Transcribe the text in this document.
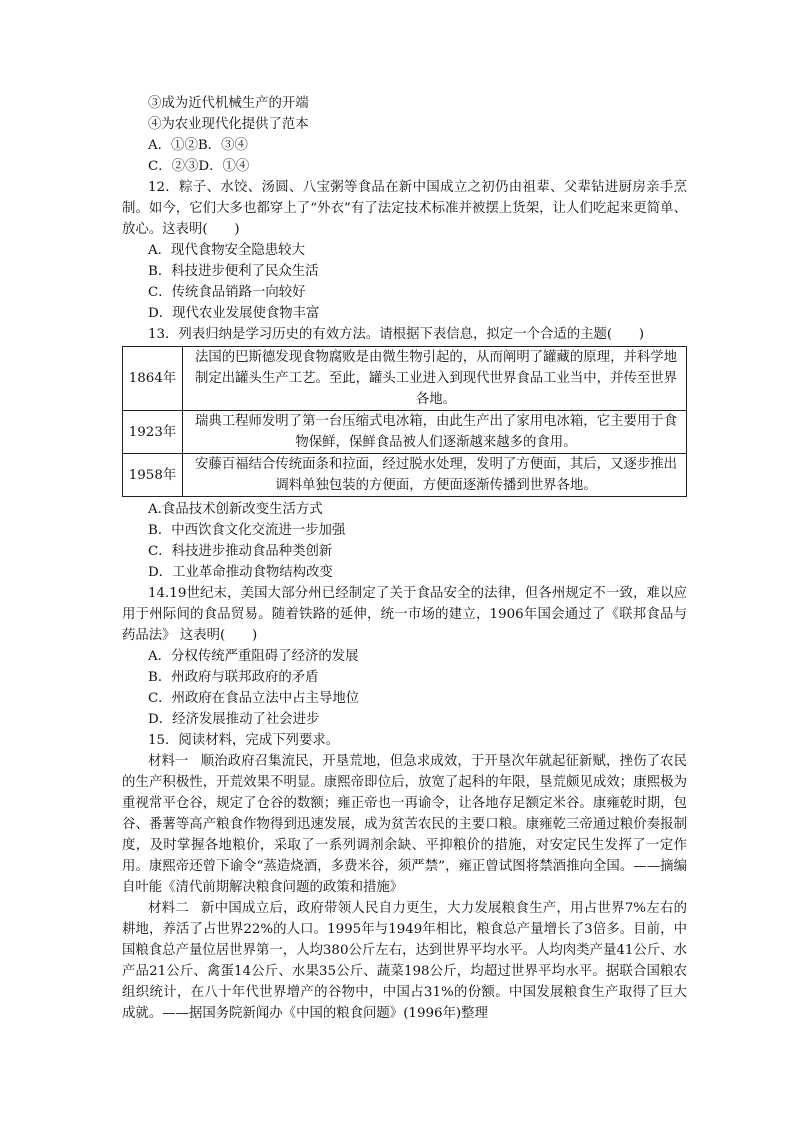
③成为近代机械生产的开端
④为农业现代化提供了范本
A．①②B．③④
C．②③D．①④
12．粽子、水饺、汤圆、八宝粥等食品在新中国成立之初仍由祖辈、父辈钻进厨房亲手烹制。如今，它们大多也都穿上了“外衣”有了法定技术标准并被摆上货架，让人们吃起来更简单、放心。这表明(　　)
A．现代食物安全隐患较大
B．科技进步便利了民众生活
C．传统食品销路一向较好
D．现代农业发展使食物丰富
13．列表归纳是学习历史的有效方法。请根据下表信息，拟定一个合适的主题(　　)
1864年	法国的巴斯德发现食物腐败是由微生物引起的，从而阐明了罐藏的原理，并科学地制定出罐头生产工艺。至此，罐头工业进入到现代世界食品工业当中，并传至世界各地。
1923年	瑞典工程师发明了第一台压缩式电冰箱，由此生产出了家用电冰箱，它主要用于食物保鲜，保鲜食品被人们逐渐越来越多的食用。
1958年	安藤百福结合传统面条和拉面，经过脱水处理，发明了方便面，其后，又逐步推出调料单独包装的方便面，方便面逐渐传播到世界各地。
A.食品技术创新改变生活方式
B．中西饮食文化交流进一步加强
C．科技进步推动食品种类创新
D．工业革命推动食物结构改变
14.19世纪末，美国大部分州已经制定了关于食品安全的法律，但各州规定不一致，难以应用于州际间的食品贸易。随着铁路的延伸，统一市场的建立，1906年国会通过了《联邦食品与药品法》 这表明(　　)
A．分权传统严重阻碍了经济的发展
B．州政府与联邦政府的矛盾
C．州政府在食品立法中占主导地位
D．经济发展推动了社会进步
15．阅读材料，完成下列要求。
材料一 顺治政府召集流民，开垦荒地，但急求成效，于开垦次年就起征新赋，挫伤了农民的生产积极性，开荒效果不明显。康熙帝即位后，放宽了起科的年限，垦荒颇见成效；康熙极为重视常平仓谷，规定了仓谷的数额；雍正帝也一再谕令，让各地存足额定米谷。康雍乾时期，包谷、番薯等高产粮食作物得到迅速发展，成为贫苦农民的主要口粮。康雍乾三帝通过粮价奏报制度，及时掌握各地粮价，采取了一系列调剂余缺、平抑粮价的措施，对安定民生发挥了一定作用。康熙帝还曾下谕令“蒸造烧酒，多费米谷，须严禁”，雍正曾试图将禁酒推向全国。——摘编自叶能《清代前期解决粮食问题的政策和措施》
材料二 新中国成立后，政府带领人民自力更生，大力发展粮食生产，用占世界7%左右的耕地，养活了占世界22%的人口。1995年与1949年相比，粮食总产量增长了3倍多。目前，中国粮食总产量位居世界第一，人均380公斤左右，达到世界平均水平。人均肉类产量41公斤、水产品21公斤、禽蛋14公斤、水果35公斤、蔬菜198公斤，均超过世界平均水平。据联合国粮农组织统计，在八十年代世界增产的谷物中，中国占31%的份额。中国发展粮食生产取得了巨大成就。——据国务院新闻办《中国的粮食问题》(1996年)整理
